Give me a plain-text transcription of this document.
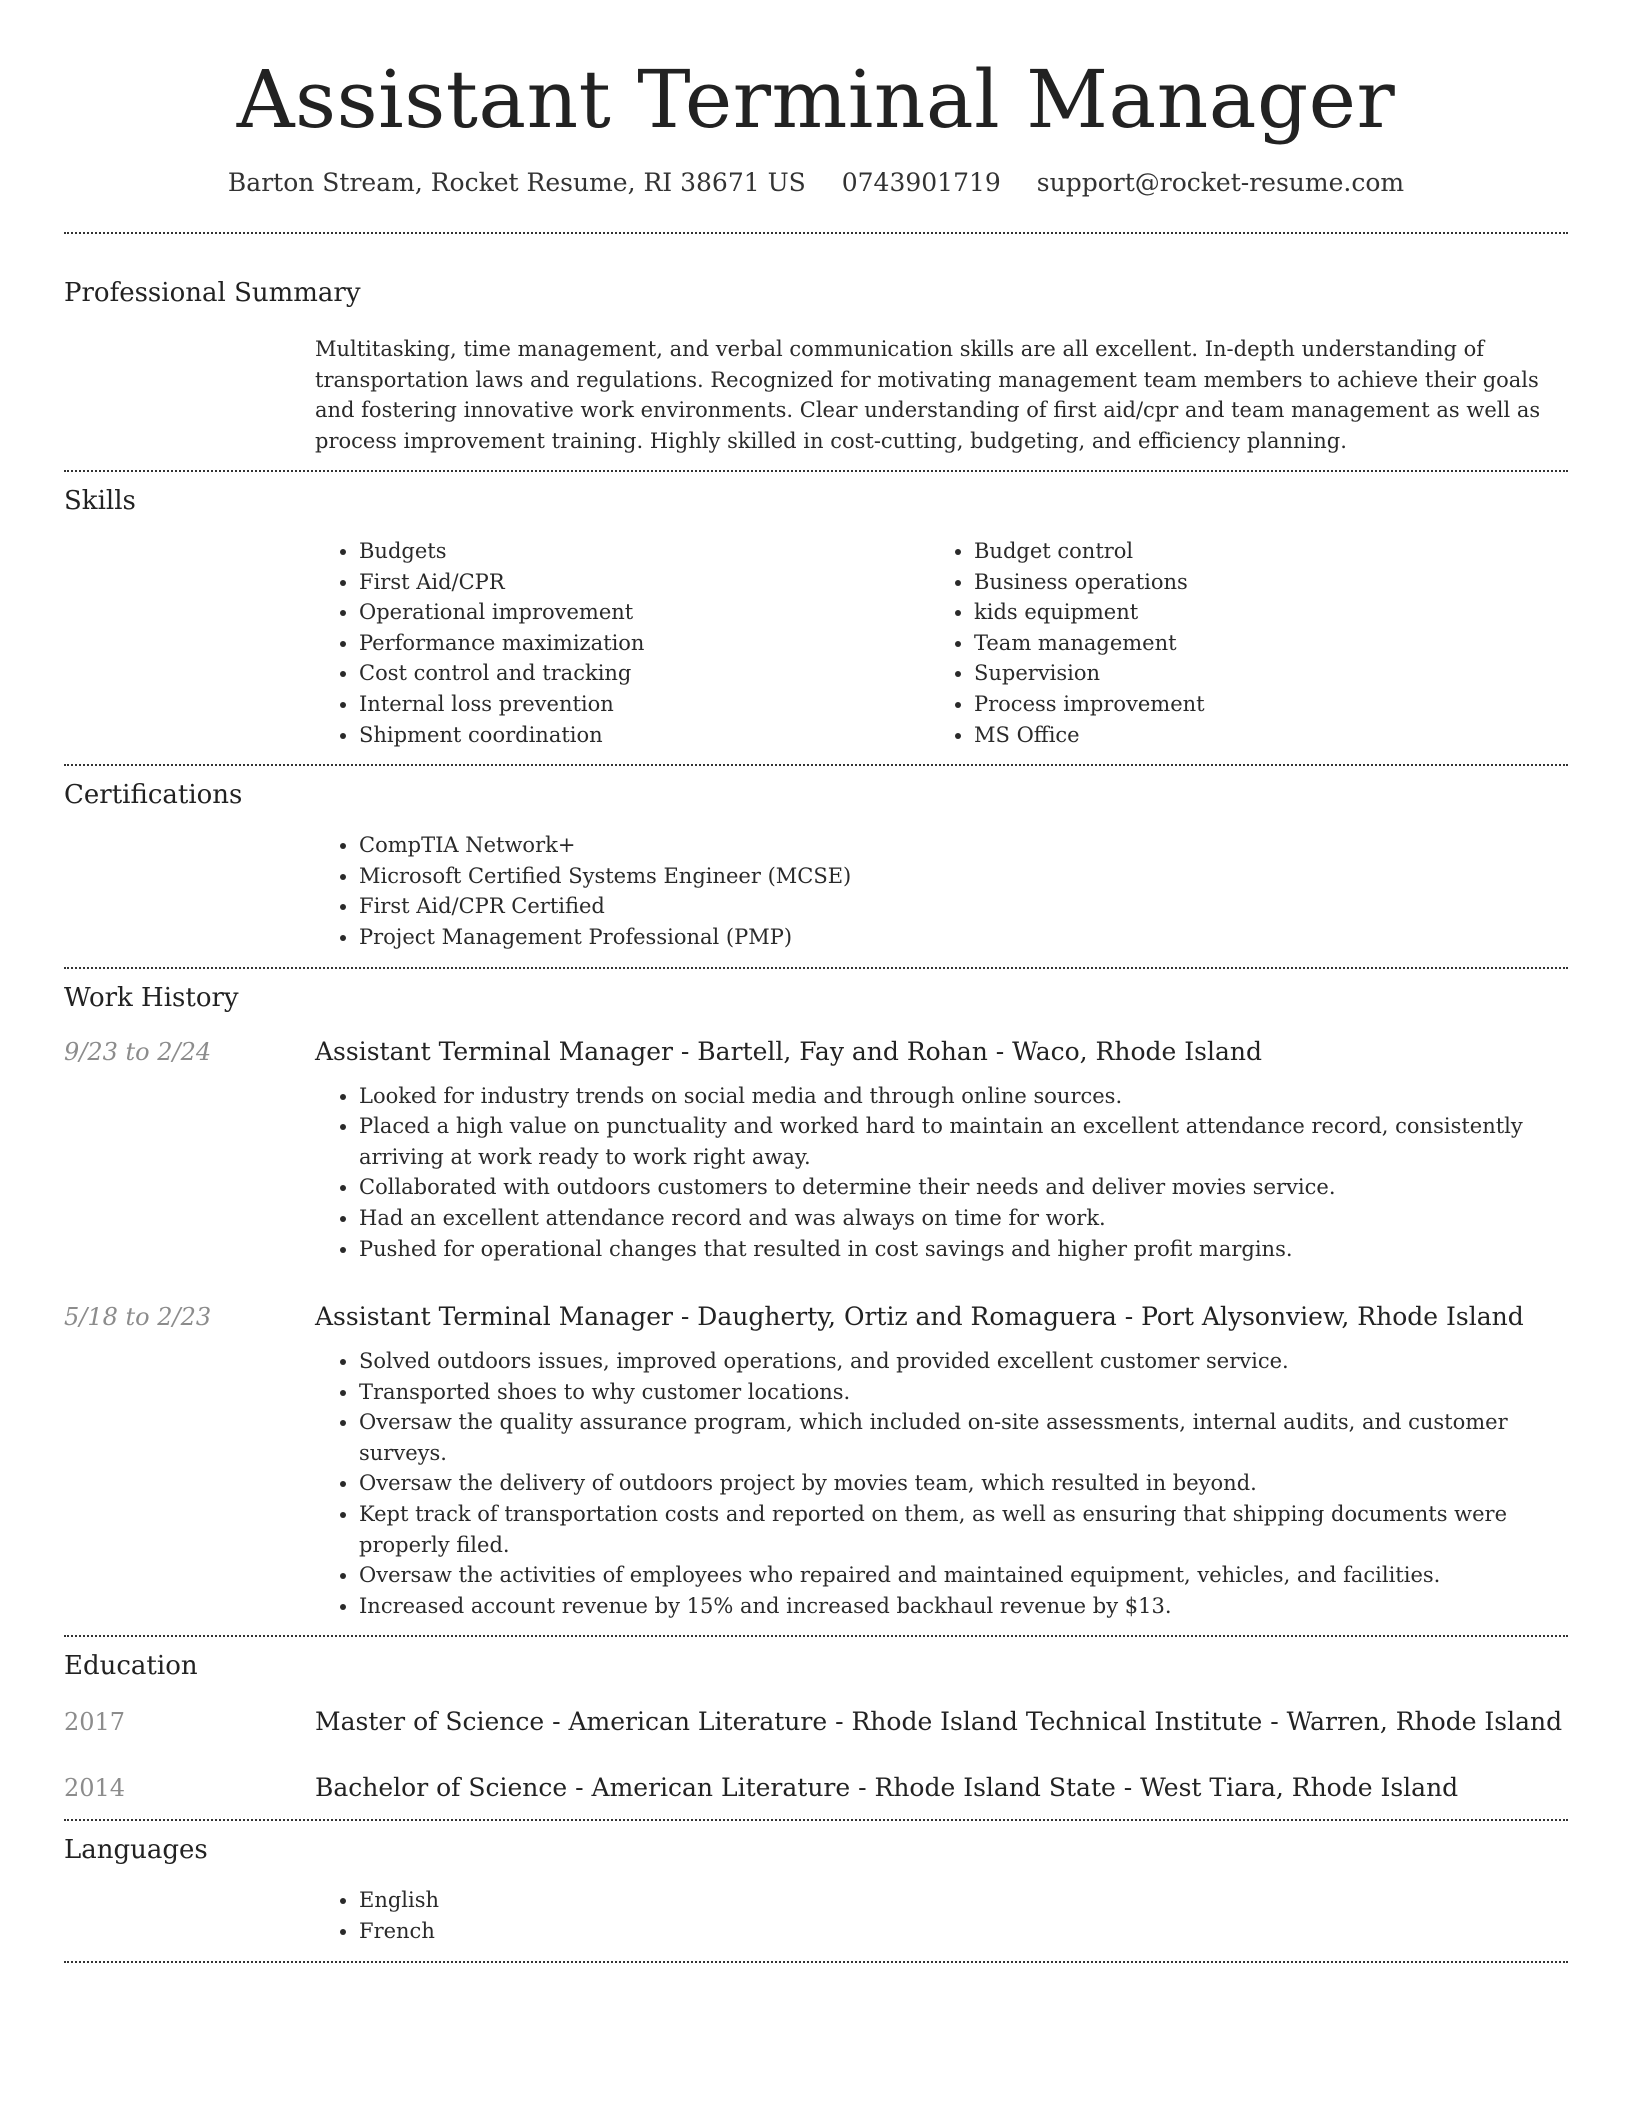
Assistant Terminal Manager
Barton Stream, Rocket Resume, RI 38671 US 0743901719 support@rocket-resume.com
Professional Summary

Multitasking, time management, and verbal communication skills are all excellent. In-depth understanding of transportation laws and regulations. Recognized for motivating management team members to achieve their goals and fostering innovative work environments. Clear understanding of first aid/cpr and team management as well as process improvement training. Highly skilled in cost-cutting, budgeting, and efficiency planning.

Skills
• Budgets
• First Aid/CPR
• Operational improvement
• Performance maximization
• Cost control and tracking
• Internal loss prevention
• Shipment coordination
• Budget control
• Business operations
• kids equipment
• Team management
• Supervision
• Process improvement
• MS Office
Certifications
• CompTIA Network+
• Microsoft Certified Systems Engineer (MCSE)
• First Aid/CPR Certified
• Project Management Professional (PMP)
Work History
9/23 to 2/24	Assistant Terminal Manager - Bartell, Fay and Rohan - Waco, Rhode Island
• Looked for industry trends on social media and through online sources.
• Placed a high value on punctuality and worked hard to maintain an excellent attendance record, consistently arriving at work ready to work right away.
• Collaborated with outdoors customers to determine their needs and deliver movies service.
• Had an excellent attendance record and was always on time for work.
• Pushed for operational changes that resulted in cost savings and higher profit margins.
5/18 to 2/23	Assistant Terminal Manager - Daugherty, Ortiz and Romaguera - Port Alysonview, Rhode Island
• Solved outdoors issues, improved operations, and provided excellent customer service.
• Transported shoes to why customer locations.
• Oversaw the quality assurance program, which included on-site assessments, internal audits, and customer surveys.
• Oversaw the delivery of outdoors project by movies team, which resulted in beyond.
• Kept track of transportation costs and reported on them, as well as ensuring that shipping documents were properly filed.
• Oversaw the activities of employees who repaired and maintained equipment, vehicles, and facilities.
• Increased account revenue by 15% and increased backhaul revenue by $13.
Education
2017	Master of Science - American Literature - Rhode Island Technical Institute - Warren, Rhode Island
2014	Bachelor of Science - American Literature - Rhode Island State - West Tiara, Rhode Island
Languages
• English
• French
